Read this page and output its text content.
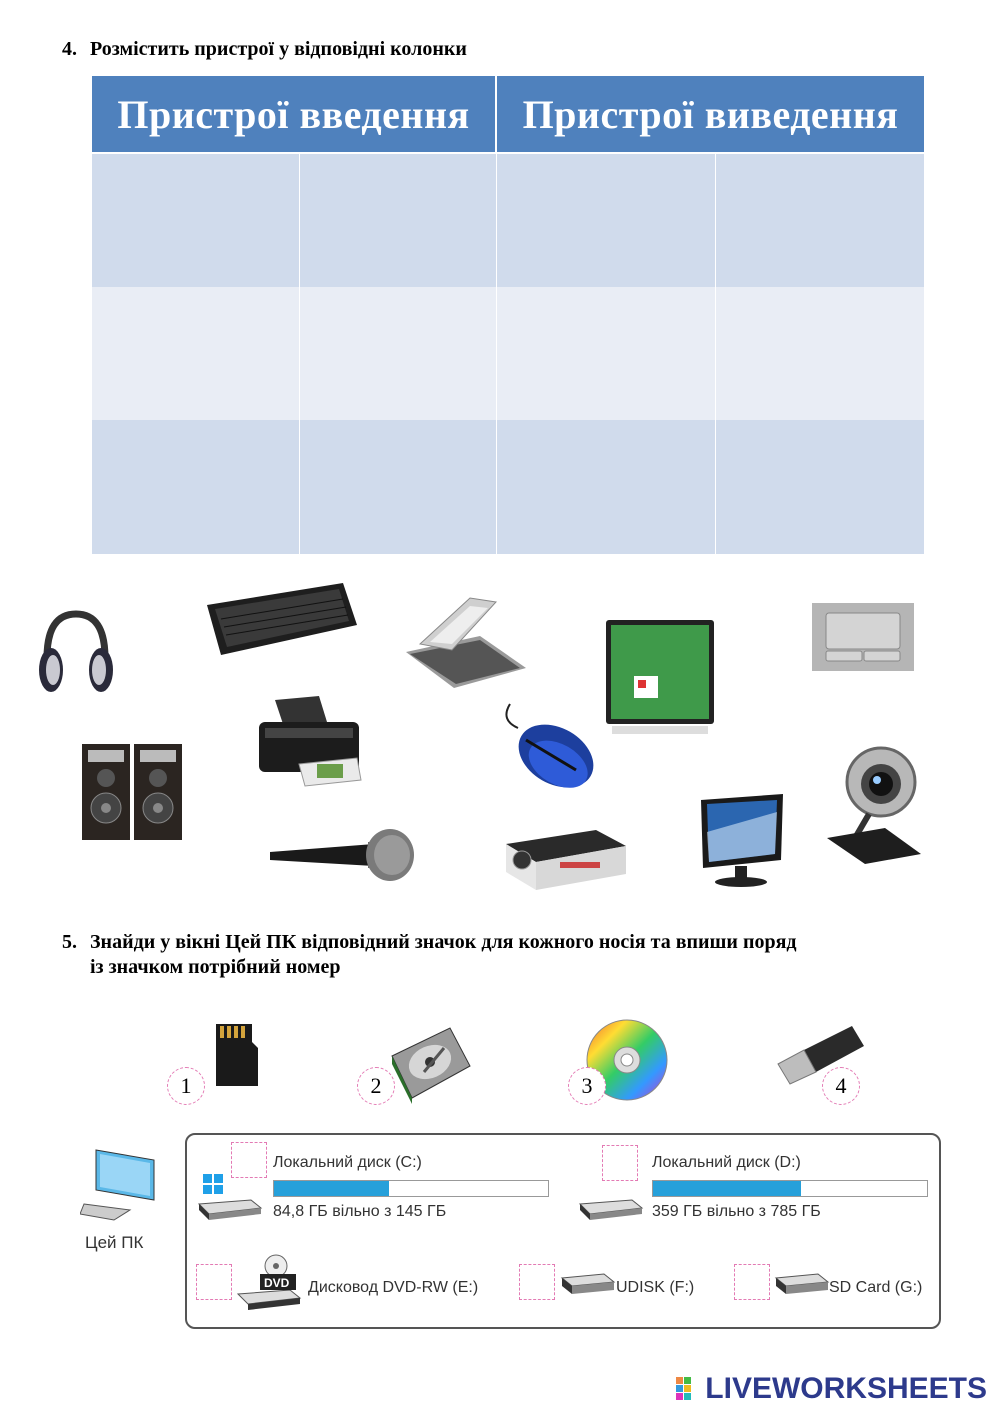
4. Розмістить пристрої у відповідні колонки
Пристрої введення	Пристрої виведення
5. Знайди у вікні Цей ПК відповідний значок для кожного носія та впиши поряд
із значком потрібний номер
1	2	3	4
Цей ПК
Локальний диск (C:)
84,8 ГБ вільно з 145 ГБ
Локальний диск (D:)
359 ГБ вільно з 785 ГБ
DVD Дисковод DVD-RW (E:)	UDISK (F:)	SD Card (G:)
LIVEWORKSHEETS
